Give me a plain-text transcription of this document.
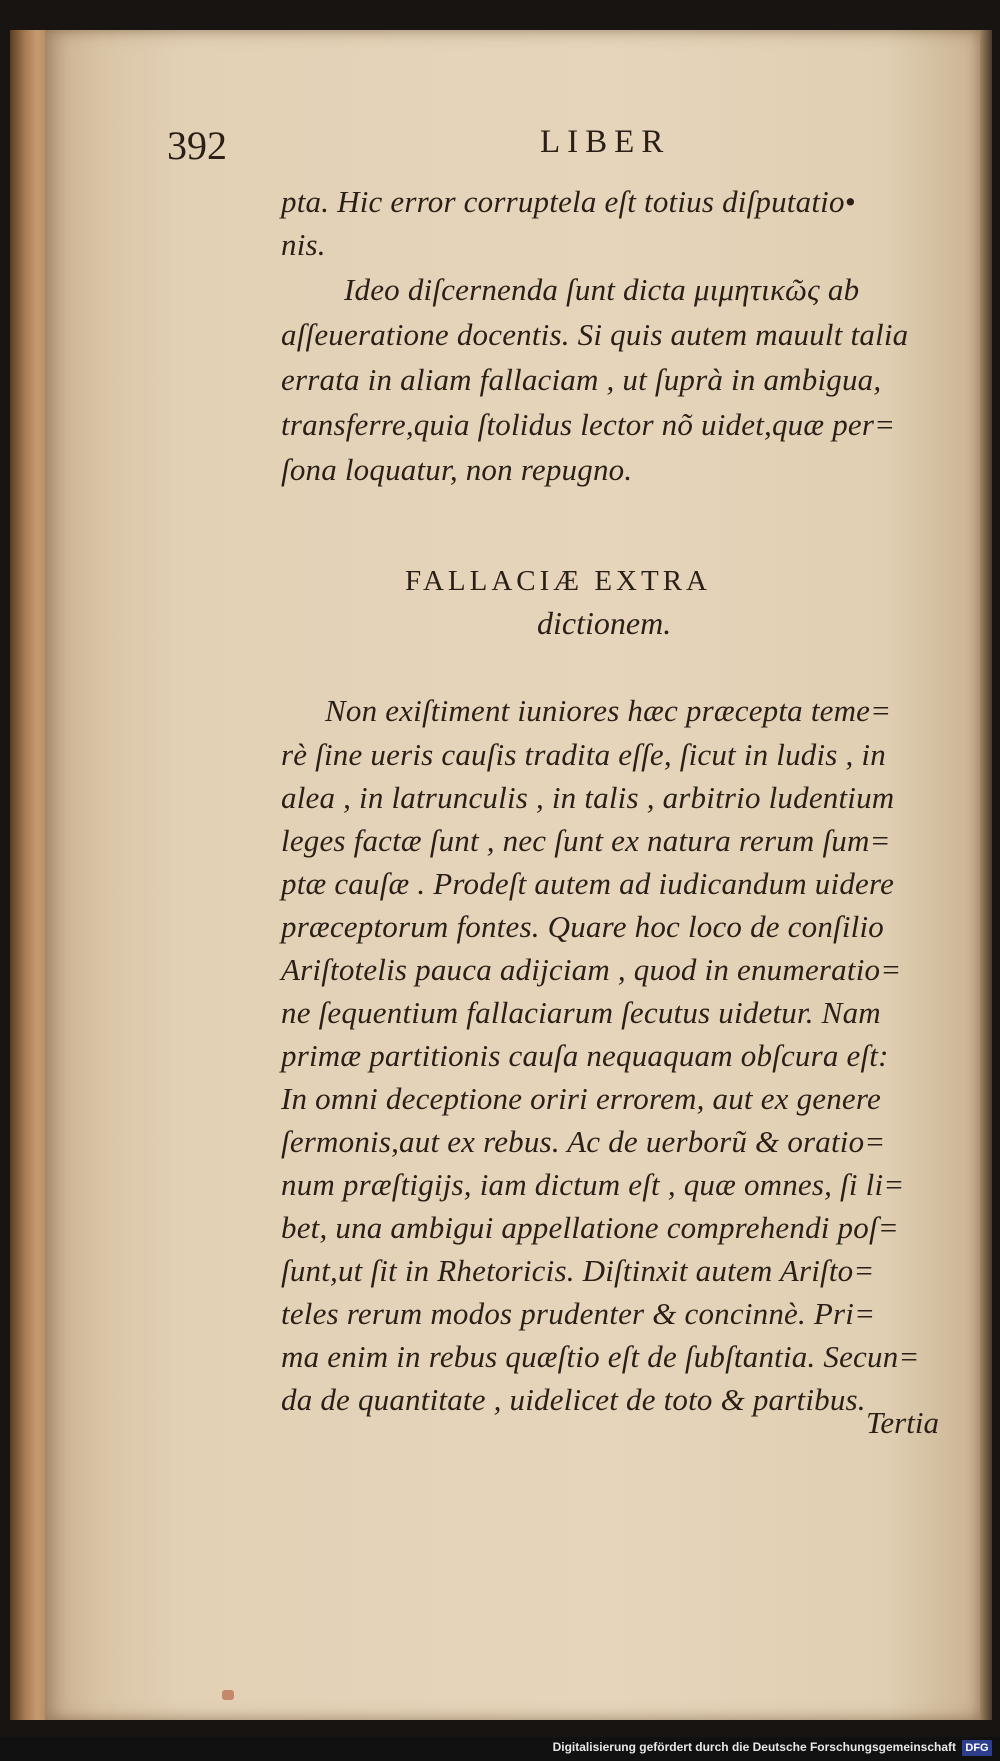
392	LIBER
pta. Hic error corruptela eſt totius diſputatio•
nis.
Ideo diſcernenda ſunt dicta μιμητικῶς ab
aſſeueratione docentis. Si quis autem mauult talia
errata in aliam fallaciam , ut ſuprà in ambigua,
transferre,quia ſtolidus lector nõ uidet,quæ per=
ſona loquatur, non repugno.
FALLACIÆ EXTRA
dictionem.
Non exiſtiment iuniores hæc præcepta teme=
rè ſine ueris cauſis tradita eſſe, ſicut in ludis , in
alea , in latrunculis , in talis , arbitrio ludentium
leges factæ ſunt , nec ſunt ex natura rerum ſum=
ptæ cauſæ . Prodeſt autem ad iudicandum uidere
præceptorum fontes. Quare hoc loco de conſilio
Ariſtotelis pauca adijciam , quod in enumeratio=
ne ſequentium fallaciarum ſecutus uidetur. Nam
primæ partitionis cauſa nequaquam obſcura eſt:
In omni deceptione oriri errorem, aut ex genere
ſermonis,aut ex rebus. Ac de uerborũ & oratio=
num præſtigijs, iam dictum eſt , quæ omnes, ſi li=
bet, una ambigui appellatione comprehendi poſ=
ſunt,ut ſit in Rhetoricis. Diſtinxit autem Ariſto=
teles rerum modos prudenter & concinnè. Pri=
ma enim in rebus quæſtio eſt de ſubſtantia. Secun=
da de quantitate , uidelicet de toto & partibus.
Tertia
Digitalisierung gefördert durch die Deutsche Forschungsgemeinschaft DFG
